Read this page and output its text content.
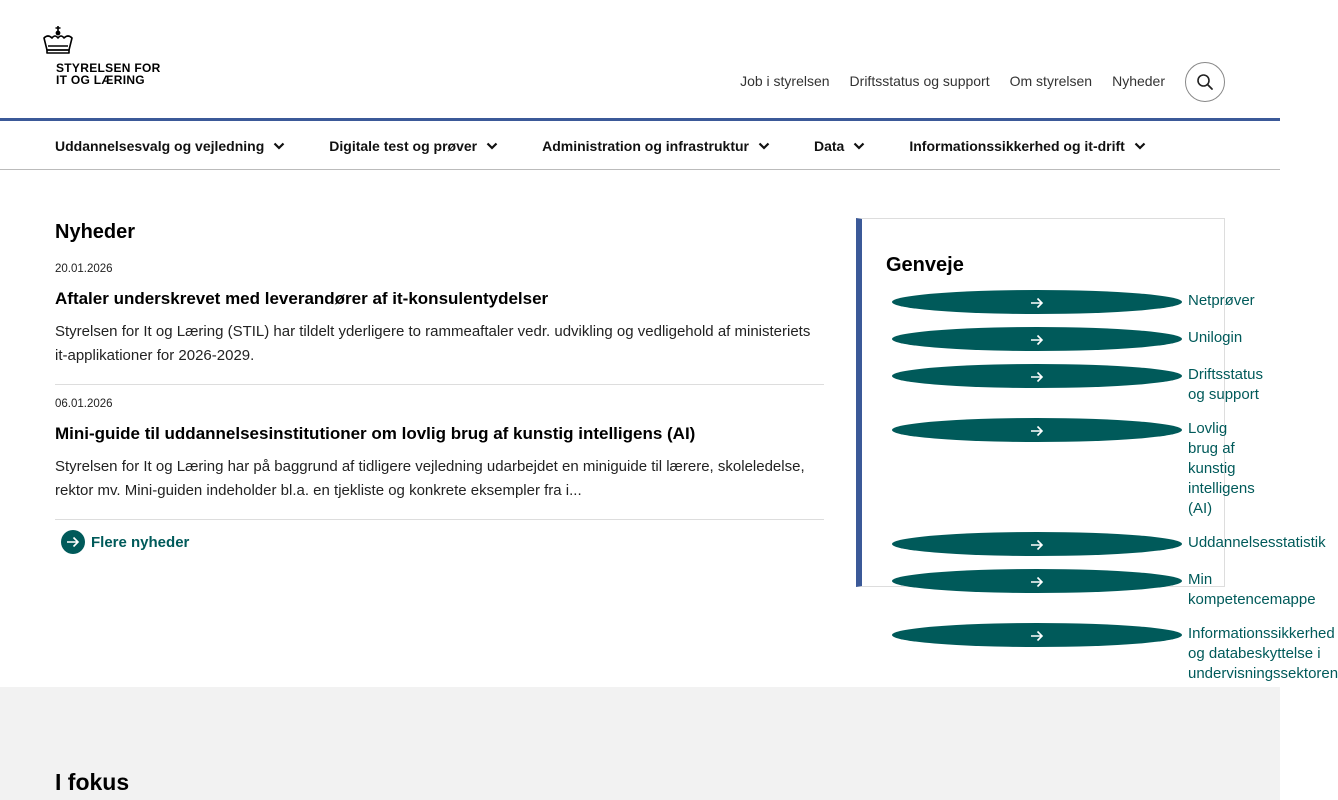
STYRELSEN FOR
IT OG LÆRING	Job i styrelsen Driftsstatus og support Om styrelsen Nyheder
Uddannelsesvalg og vejledning	Digitale test og prøver	Administration og infrastruktur	Data	Informationssikkerhed og it-drift
Nyheder
20.01.2026
Aftaler underskrevet med leverandører af it-konsulentydelser
Styrelsen for It og Læring (STIL) har tildelt yderligere to rammeaftaler vedr. udvikling og vedligehold af ministeriets it-applikationer for 2026-2029.
06.01.2026
Mini-guide til uddannelsesinstitutioner om lovlig brug af kunstig intelligens (AI)
Styrelsen for It og Læring har på baggrund af tidligere vejledning udarbejdet en miniguide til lærere, skoleledelse, rektor mv. Mini-guiden indeholder bl.a. en tjekliste og konkrete eksempler fra i...
Flere nyheder
Genveje
Netprøver
Unilogin
Driftsstatus og support
Lovlig brug af kunstig intelligens (AI)
Uddannelsesstatistik
Min kompetencemappe
Informationssikkerhed og databeskyttelse i undervisningssektoren
I fokus
